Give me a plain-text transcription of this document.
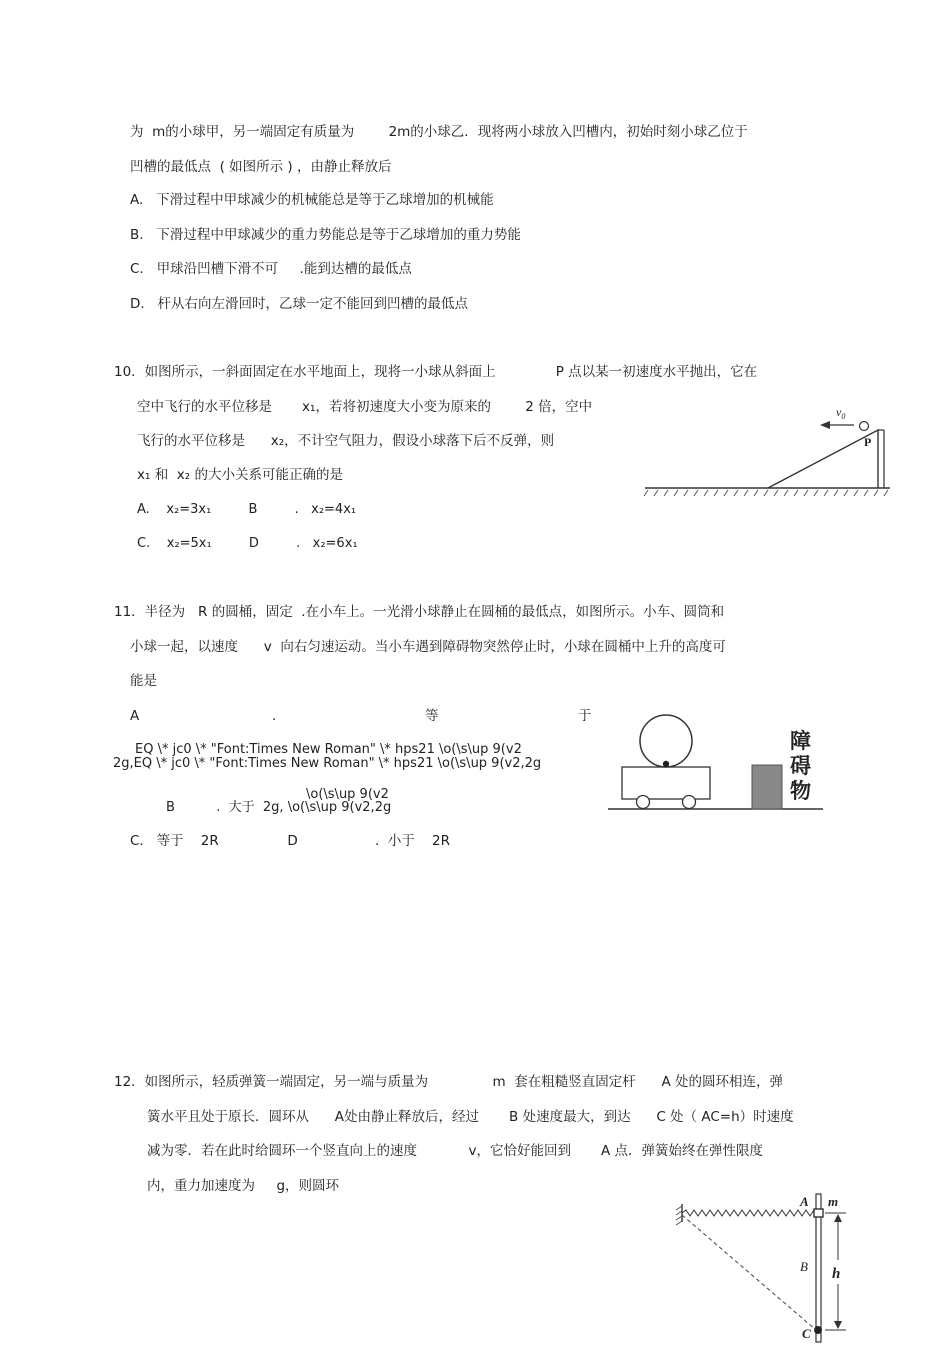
为  m的小球甲，另一端固定有质量为        2m的小球乙．现将两小球放入凹槽内，初始时刻小球乙位于
凹槽的最低点  ( 如图所示 ) ，由静止释放后
A.   下滑过程中甲球减少的机械能总是等于乙球增加的机械能
B.   下滑过程中甲球减少的重力势能总是等于乙球增加的重力势能
C.   甲球沿凹槽下滑不可     .能到达槽的最低点
D.   杆从右向左滑回时，乙球一定不能回到凹槽的最低点
10．如图所示，一斜面固定在水平地面上，现将一小球从斜面上              P 点以某一初速度水平抛出，它在
空中飞行的水平位移是       x₁，若将初速度大小变为原来的        2 倍，空中
飞行的水平位移是      x₂，不计空气阻力，假设小球落下后不反弹，则
x₁ 和  x₂ 的大小关系可能正确的是
A.    x₂=3x₁         B         .   x₂=4x₁
C.    x₂=5x₁         D         .   x₂=6x₁
$v_0$
P
11．半径为   R 的圆桶，固定  .在小车上。一光滑小球静止在圆桶的最低点，如图所示。小车、圆筒和
小球一起，以速度      v  向右匀速运动。当小车遇到障碍物突然停止时，小球在圆桶中上升的高度可
能是
A	.	等	于
EQ \* jc0 \* "Font:Times New Roman" \* hps21 \o(\s\up 9(v2
2g,EQ \* jc0 \* "Font:Times New Roman" \* hps21 \o(\s\up 9(v2,2g
\o(\s\up 9(v2
B          .  大于  2g, \o(\s\up 9(v2,2g
C.   等于    2R                D                  .  小于    2R
障
碍
物
12．如图所示，轻质弹簧一端固定，另一端与质量为               m  套在粗糙竖直固定杆      A 处的圆环相连，弹
簧水平且处于原长．圆环从      A处由静止释放后，经过       B 处速度最大，到达      C 处（ AC=h）时速度
减为零．若在此时给圆环一个竖直向上的速度            v，它恰好能回到       A 点．弹簧始终在弹性限度
内，重力加速度为     g，则圆环
A m
B h
C
